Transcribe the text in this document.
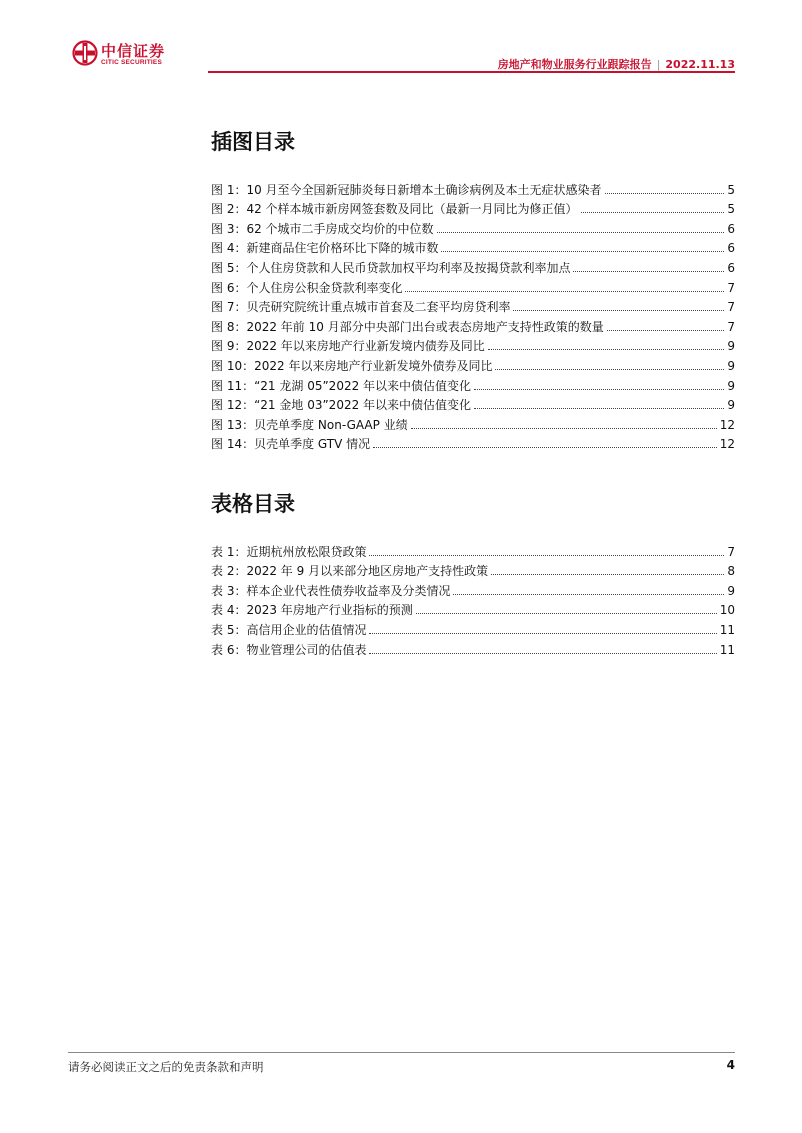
中信证券
CITIC SECURITIES	房地产和物业服务行业跟踪报告 | 2022.11.13
插图目录
图 1：10 月至今全国新冠肺炎每日新增本土确诊病例及本土无症状感染者	5
图 2：42 个样本城市新房网签套数及同比（最新一月同比为修正值）	5
图 3：62 个城市二手房成交均价的中位数	6
图 4：新建商品住宅价格环比下降的城市数	6
图 5：个人住房贷款和人民币贷款加权平均利率及按揭贷款利率加点	6
图 6：个人住房公积金贷款利率变化	7
图 7：贝壳研究院统计重点城市首套及二套平均房贷利率	7
图 8：2022 年前 10 月部分中央部门出台或表态房地产支持性政策的数量	7
图 9：2022 年以来房地产行业新发境内债券及同比	9
图 10：2022 年以来房地产行业新发境外债券及同比	9
图 11：“21 龙湖 05”2022 年以来中债估值变化	9
图 12：“21 金地 03”2022 年以来中债估值变化	9
图 13：贝壳单季度 Non-GAAP 业绩	12
图 14：贝壳单季度 GTV 情况	12
表格目录
表 1：近期杭州放松限贷政策	7
表 2：2022 年 9 月以来部分地区房地产支持性政策	8
表 3：样本企业代表性债券收益率及分类情况	9
表 4：2023 年房地产行业指标的预测	10
表 5：高信用企业的估值情况	11
表 6：物业管理公司的估值表	11
请务必阅读正文之后的免责条款和声明	4
